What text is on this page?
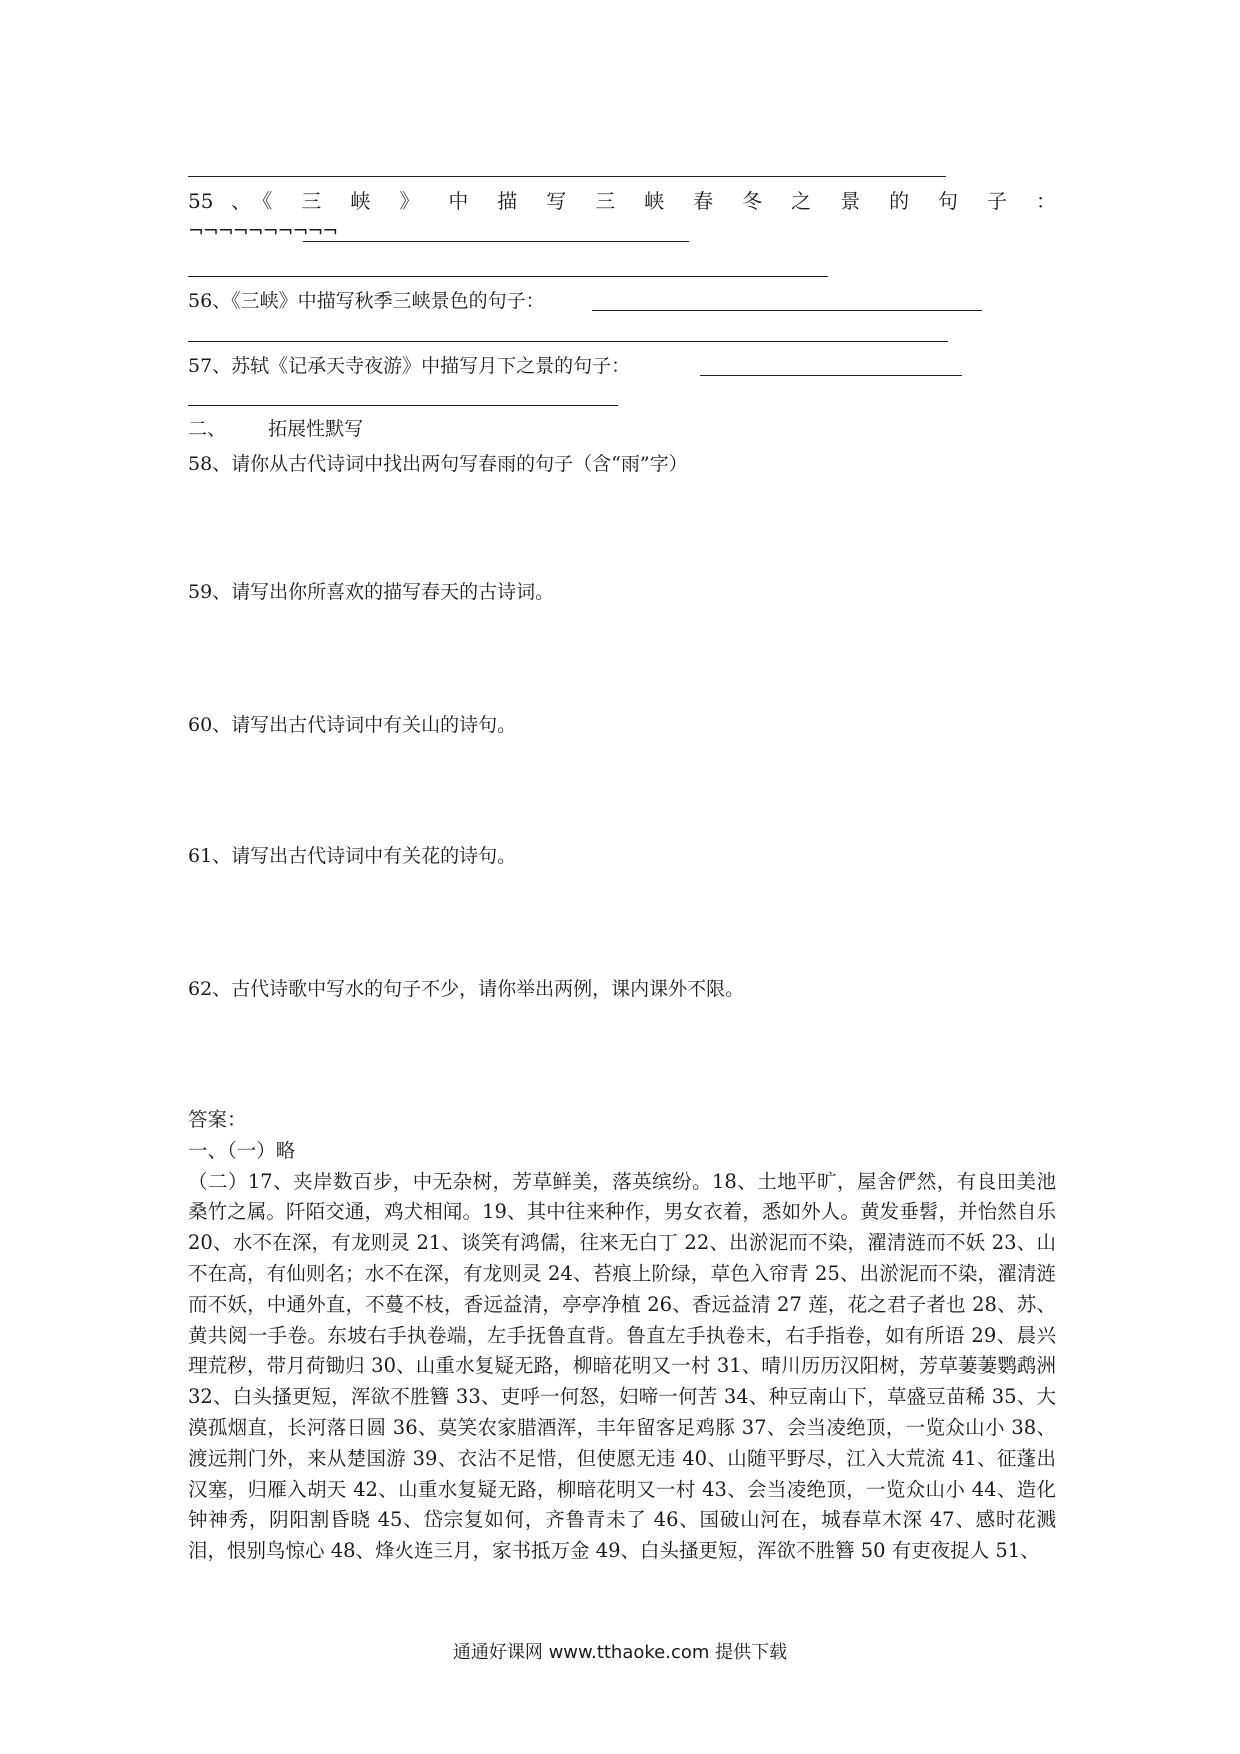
55 、《 三 峡 》 中 描 写 三 峡 春 冬 之 景 的 句 子 ：
¬¬¬¬¬¬¬¬¬¬
56、《三峡》中描写秋季三峡景色的句子：
57、苏轼《记承天寺夜游》中描写月下之景的句子：
二、 拓展性默写
58、请你从古代诗词中找出两句写春雨的句子（含“雨”字）
59、请写出你所喜欢的描写春天的古诗词。
60、请写出古代诗词中有关山的诗句。
61、请写出古代诗词中有关花的诗句。
62、古代诗歌中写水的句子不少，请你举出两例，课内课外不限。
答案：
一、（一）略
（二）17、夹岸数百步，中无杂树，芳草鲜美，落英缤纷。18、土地平旷，屋舍俨然，有良田美池桑竹之属。阡陌交通，鸡犬相闻。19、其中往来种作，男女衣着，悉如外人。黄发垂髫，并怡然自乐 20、水不在深，有龙则灵 21、谈笑有鸿儒，往来无白丁 22、出淤泥而不染，濯清涟而不妖 23、山不在高，有仙则名；水不在深，有龙则灵 24、苔痕上阶绿，草色入帘青 25、出淤泥而不染，濯清涟而不妖，中通外直，不蔓不枝，香远益清，亭亭净植 26、香远益清 27 莲，花之君子者也 28、苏、黄共阅一手卷。东坡右手执卷端，左手抚鲁直背。鲁直左手执卷末，右手指卷，如有所语 29、晨兴理荒秽，带月荷锄归 30、山重水复疑无路，柳暗花明又一村 31、晴川历历汉阳树，芳草萋萋鹦鹉洲 32、白头搔更短，浑欲不胜簪 33、吏呼一何怒，妇啼一何苦 34、种豆南山下，草盛豆苗稀 35、大漠孤烟直，长河落日圆 36、莫笑农家腊酒浑，丰年留客足鸡豚 37、会当凌绝顶，一览众山小 38、渡远荆门外，来从楚国游 39、衣沾不足惜，但使愿无违 40、山随平野尽，江入大荒流 41、征蓬出汉塞，归雁入胡天 42、山重水复疑无路，柳暗花明又一村 43、会当凌绝顶，一览众山小 44、造化钟神秀，阴阳割昏晓 45、岱宗复如何，齐鲁青未了 46、国破山河在，城春草木深 47、感时花溅泪，恨别鸟惊心 48、烽火连三月，家书抵万金 49、白头搔更短，浑欲不胜簪 50 有吏夜捉人 51、
通通好课网 www.tthaoke.com 提供下载
